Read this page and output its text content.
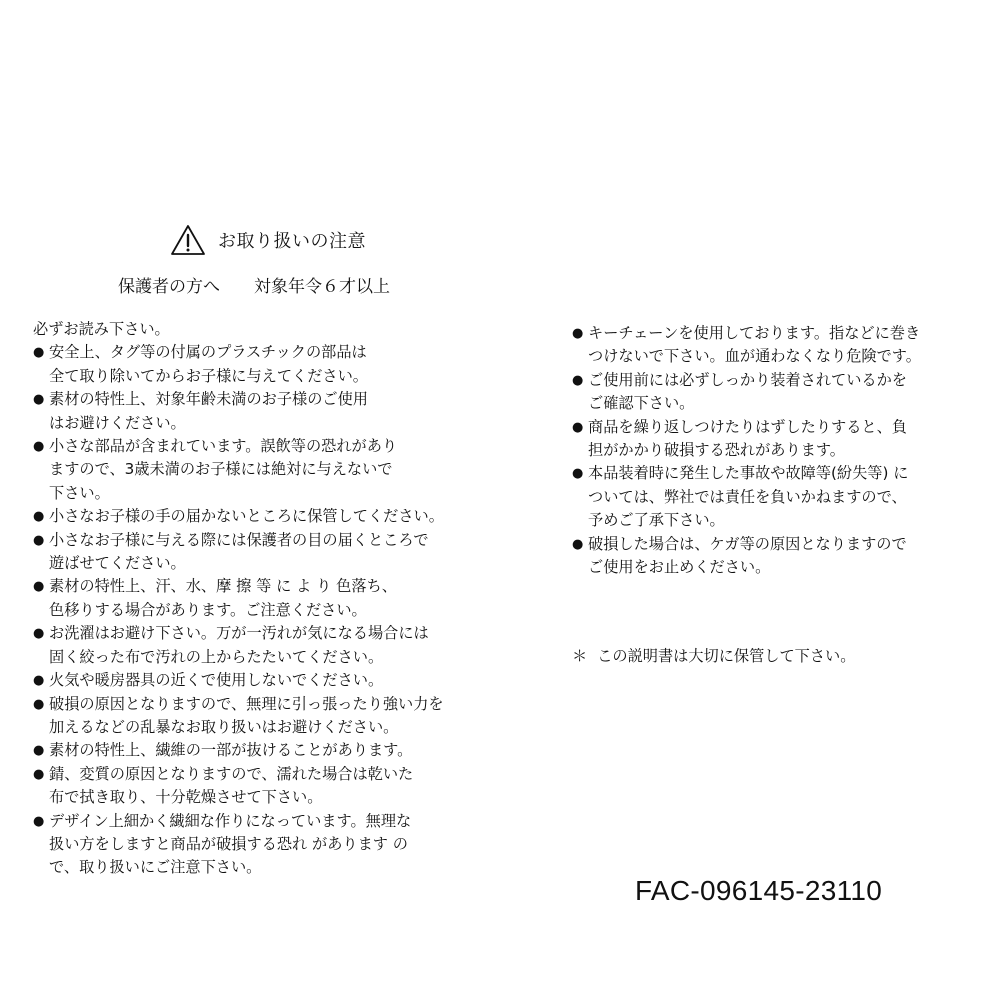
お取り扱いの注意
保護者の方へ 対象年令６才以上
必ずお読み下さい。
● 安全上、タグ等の付属のプラスチックの部品は
全て取り除いてからお子様に与えてください。
● 素材の特性上、対象年齢未満のお子様のご使用
はお避けください。
● 小さな部品が含まれています。誤飲等の恐れがあり
ますので、3歳未満のお子様には絶対に与えないで
下さい。
● 小さなお子様の手の届かないところに保管してください。
● 小さなお子様に与える際には保護者の目の届くところで
遊ばせてください。
● 素材の特性上、汗、水、摩 擦 等 に よ り 色落ち、
色移りする場合があります。ご注意ください。
● お洗濯はお避け下さい。万が一汚れが気になる場合には
固く絞った布で汚れの上からたたいてください。
● 火気や暖房器具の近くで使用しないでください。
● 破損の原因となりますので、無理に引っ張ったり強い力を
加えるなどの乱暴なお取り扱いはお避けください。
● 素材の特性上、繊維の一部が抜けることがあります。
● 錆、変質の原因となりますので、濡れた場合は乾いた
布で拭き取り、十分乾燥させて下さい。
● デザイン上細かく繊細な作りになっています。無理な
扱い方をしますと商品が破損する恐れ があります の
で、取り扱いにご注意下さい。
● キーチェーンを使用しております。指などに巻き
つけないで下さい。血が通わなくなり危険です。
● ご使用前には必ずしっかり装着されているかを
ご確認下さい。
● 商品を繰り返しつけたりはずしたりすると、負
担がかかり破損する恐れがあります。
● 本品装着時に発生した事故や故障等(紛失等) に
ついては、弊社では責任を負いかねますので、
予めご了承下さい。
● 破損した場合は、ケガ等の原因となりますので
ご使用をお止めください。
＊ この説明書は大切に保管して下さい。
FAC-096145-23110
